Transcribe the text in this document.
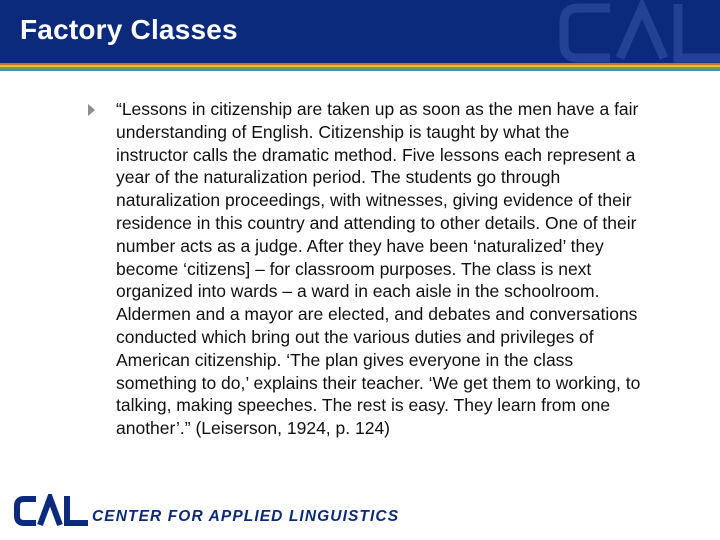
Factory Classes

“Lessons in citizenship are taken up as soon as the men have a fair understanding of English. Citizenship is taught by what the instructor calls the dramatic method. Five lessons each represent a year of the naturalization period. The students go through naturalization proceedings, with witnesses, giving evidence of their residence in this country and attending to other details. One of their number acts as a judge. After they have been ‘naturalized’ they become ‘citizens] – for classroom purposes. The class is next organized into wards – a ward in each aisle in the schoolroom. Aldermen and a mayor are elected, and debates and conversations conducted which bring out the various duties and privileges of American citizenship. ‘The plan gives everyone in the class something to do,’ explains their teacher. ‘We get them to working, to talking, making speeches. The rest is easy. They learn from one another’.” (Leiserson, 1924, p. 124)

CENTER FOR APPLIED LINGUISTICS
